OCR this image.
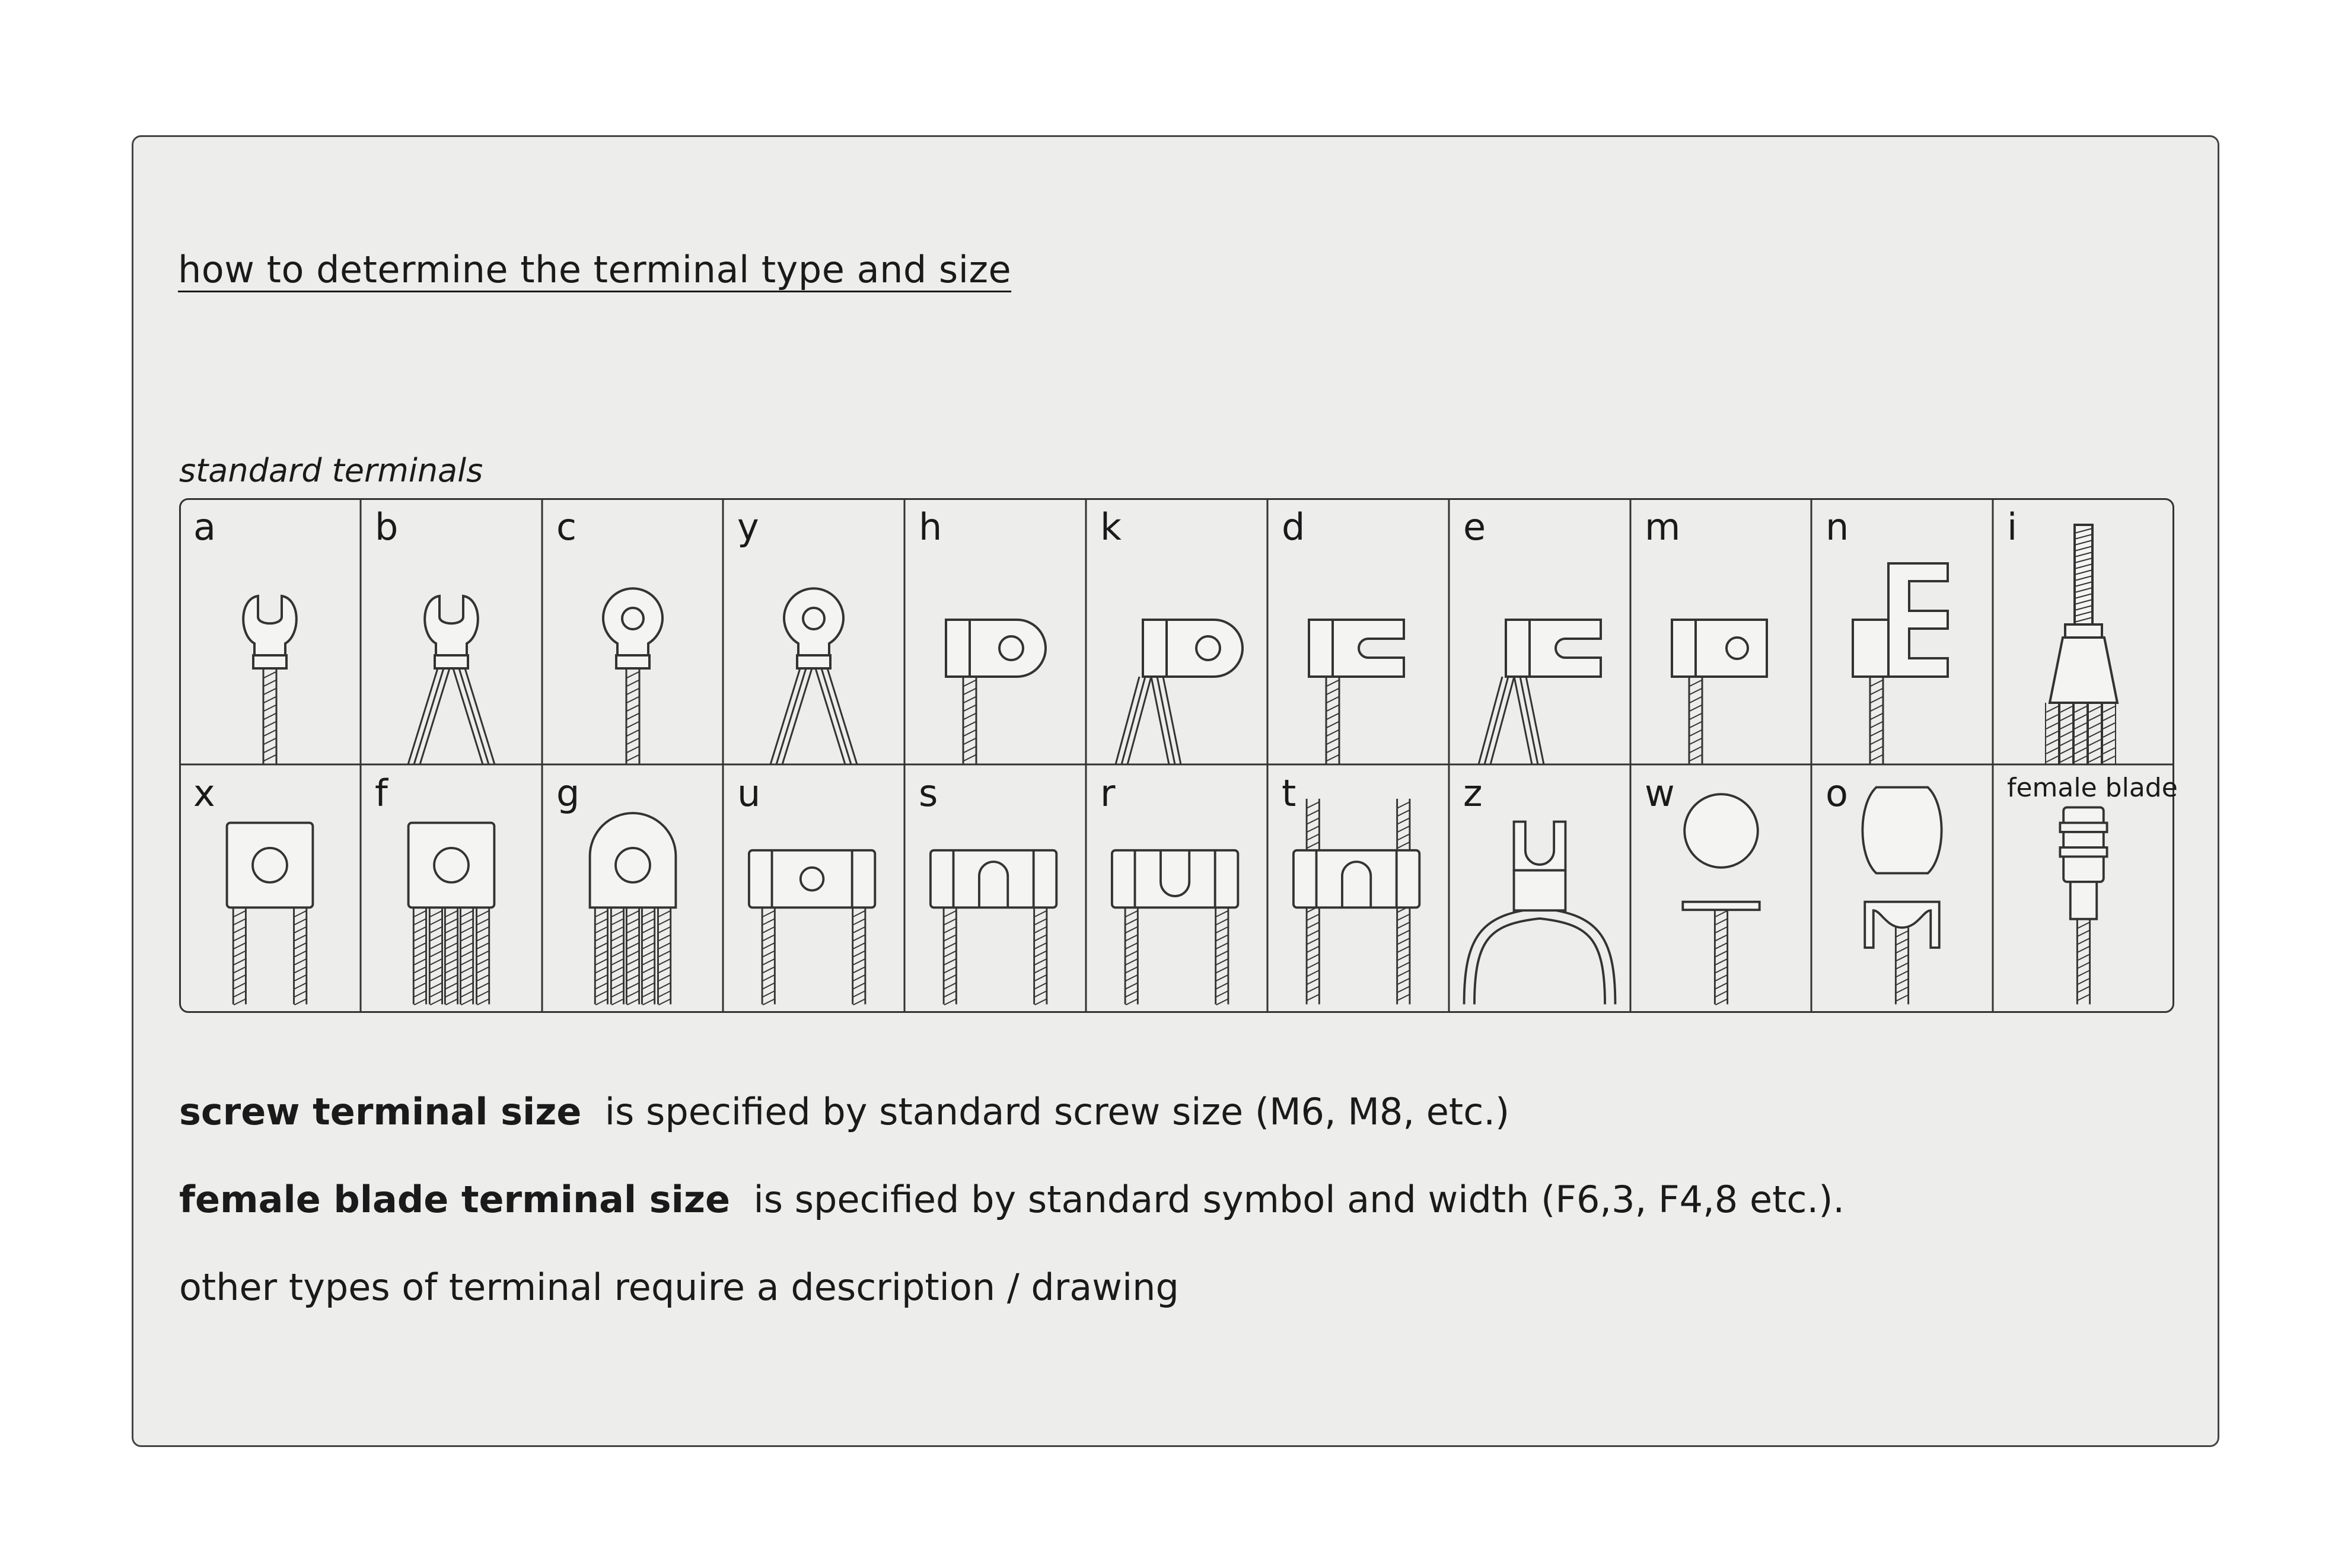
how to determine the terminal type and size
standard terminals
a	b	c	y	h	k	d	e	m	n	i
x	f	g	u	s	r	t	z	w	o	female blade
screw terminal size is specified by standard screw size (M6, M8, etc.)
female blade terminal size is specified by standard symbol and width (F6,3, F4,8 etc.).
other types of terminal require a description / drawing
